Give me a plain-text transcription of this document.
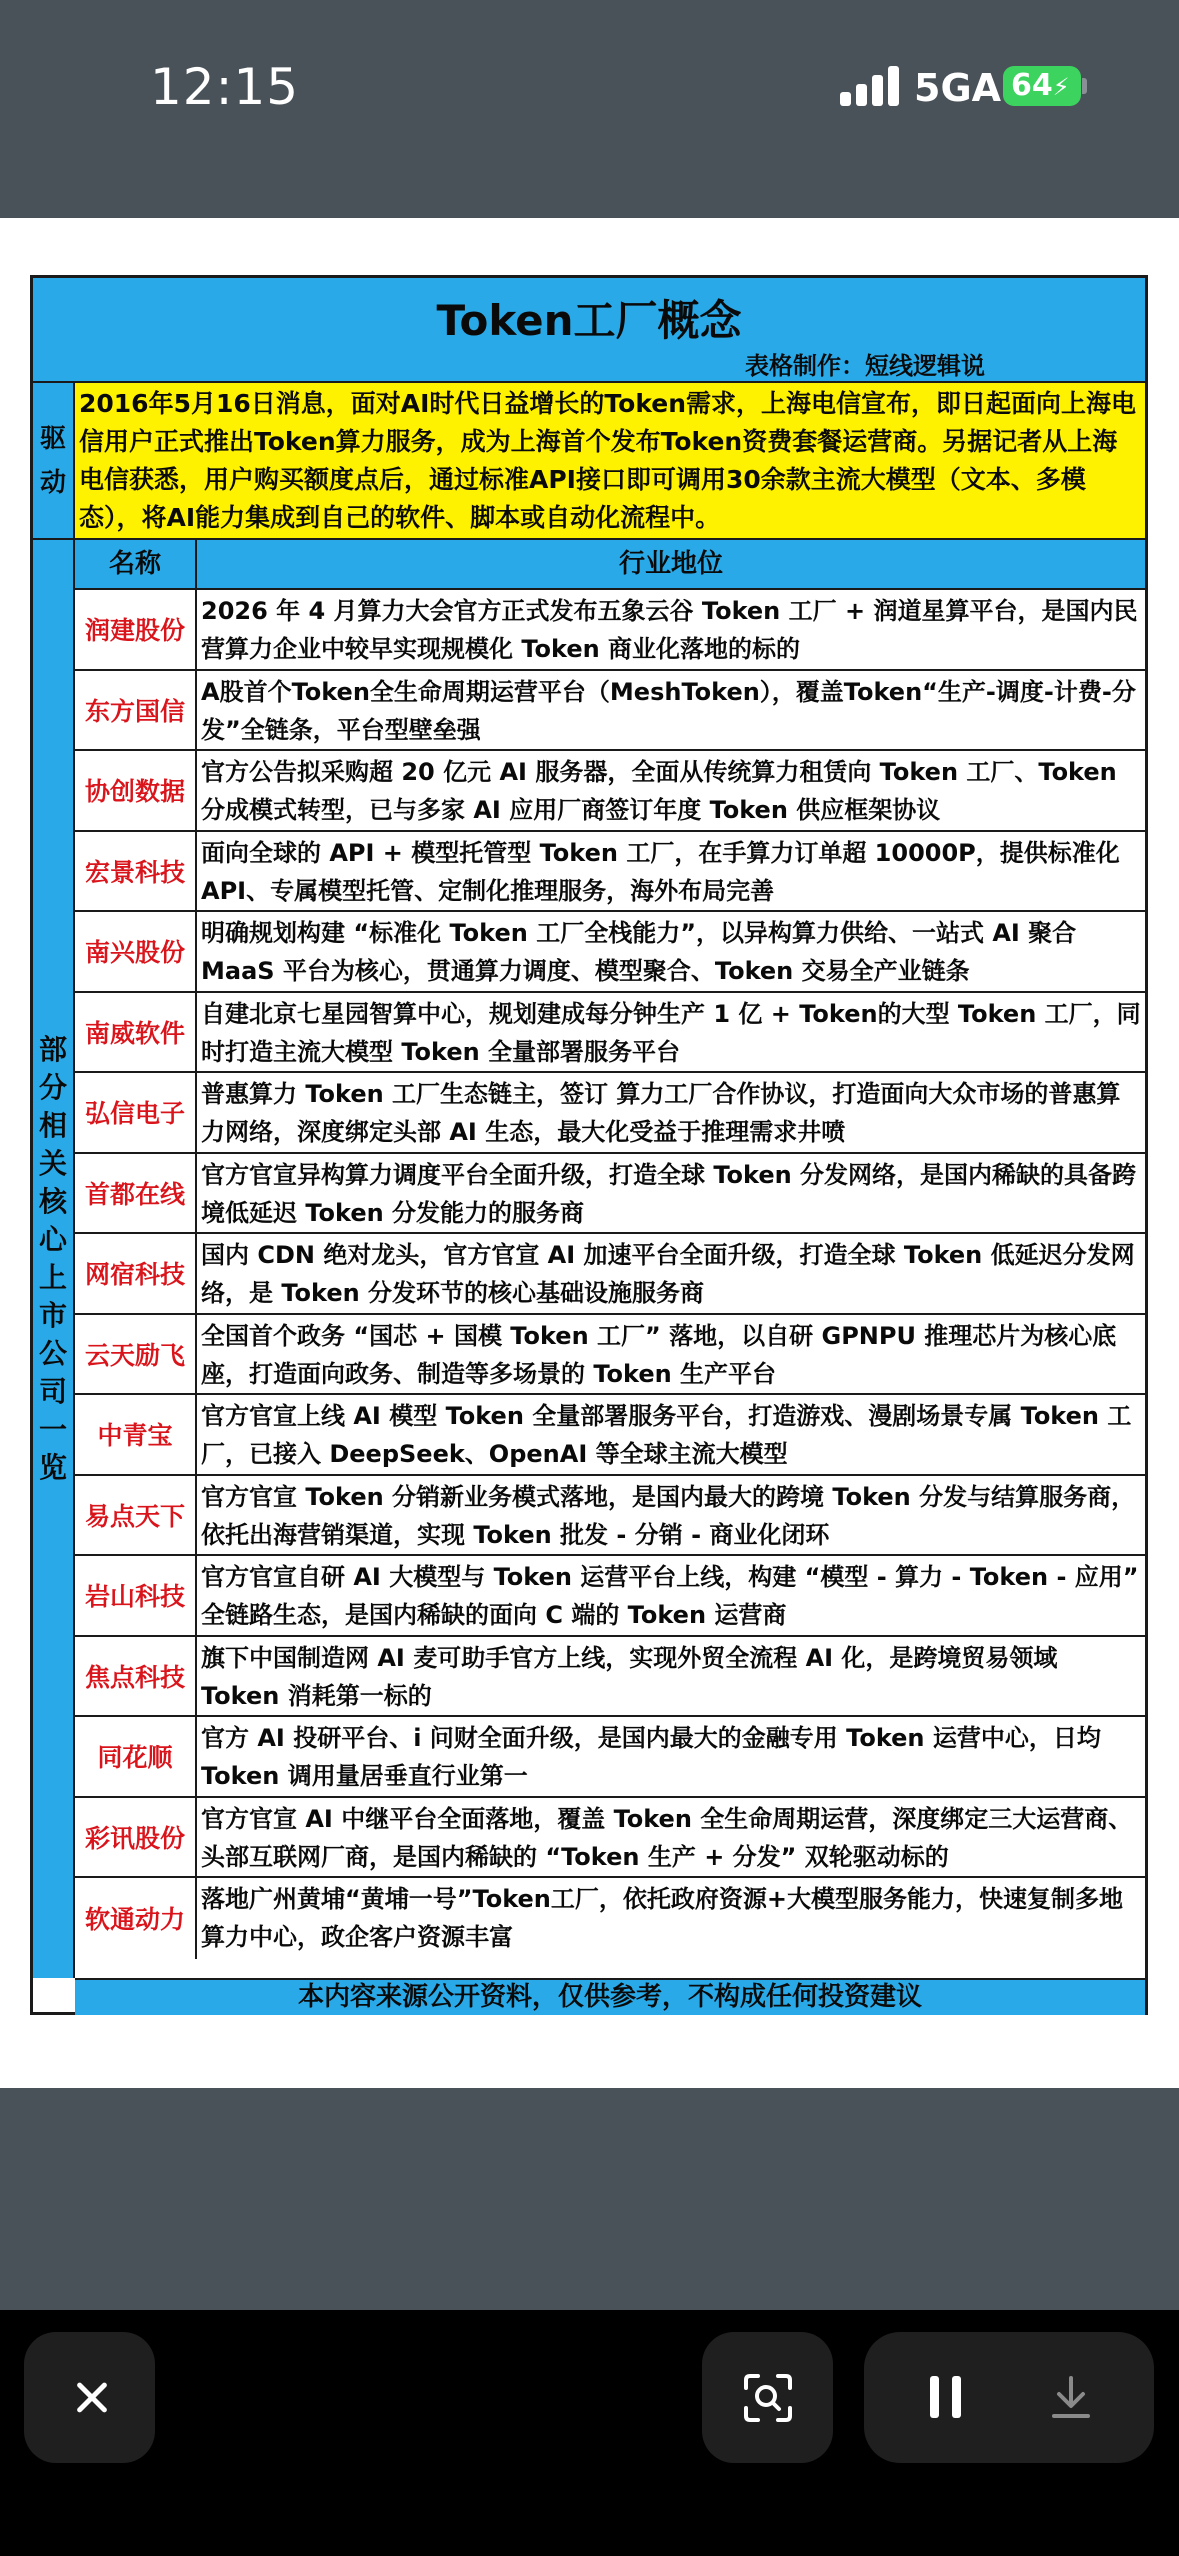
12:15	5GA 64⚡
Token工厂概念
表格制作：短线逻辑说
驱
动
2016年5月16日消息，面对AI时代日益增长的Token需求，上海电信宣布，即日起面向上海电信用户正式推出Token算力服务，成为上海首个发布Token资费套餐运营商。另据记者从上海电信获悉，用户购买额度点后，通过标准API接口即可调用30余款主流大模型（文本、多模态），将AI能力集成到自己的软件、脚本或自动化流程中。
部
分
相
关
核
心
上
市
公
司
一
览
名称	行业地位
润建股份
2026 年 4 月算力大会官方正式发布五象云谷 Token 工厂 + 润道星算平台，是国内民营算力企业中较早实现规模化 Token 商业化落地的标的
东方国信
A股首个Token全生命周期运营平台（MeshToken），覆盖Token“生产-调度-计费-分发”全链条，平台型壁垒强
协创数据
官方公告拟采购超 20 亿元 AI 服务器，全面从传统算力租赁向 Token 工厂、Token 分成模式转型，已与多家 AI 应用厂商签订年度 Token 供应框架协议
宏景科技
面向全球的 API + 模型托管型 Token 工厂，在手算力订单超 10000P，提供标准化 API、专属模型托管、定制化推理服务，海外布局完善
南兴股份
明确规划构建 “标准化 Token 工厂全栈能力”，以异构算力供给、一站式 AI 聚合 MaaS 平台为核心，贯通算力调度、模型聚合、Token 交易全产业链条
南威软件
自建北京七星园智算中心，规划建成每分钟生产 1 亿 + Token的大型 Token 工厂，同时打造主流大模型 Token 全量部署服务平台
弘信电子
普惠算力 Token 工厂生态链主，签订 算力工厂合作协议，打造面向大众市场的普惠算力网络，深度绑定头部 AI 生态，最大化受益于推理需求井喷
首都在线
官方官宣异构算力调度平台全面升级，打造全球 Token 分发网络，是国内稀缺的具备跨境低延迟 Token 分发能力的服务商
网宿科技
国内 CDN 绝对龙头，官方官宣 AI 加速平台全面升级，打造全球 Token 低延迟分发网络，是 Token 分发环节的核心基础设施服务商
云天励飞
全国首个政务 “国芯 + 国模 Token 工厂” 落地，以自研 GPNPU 推理芯片为核心底座，打造面向政务、制造等多场景的 Token 生产平台
中青宝
官方官宣上线 AI 模型 Token 全量部署服务平台，打造游戏、漫剧场景专属 Token 工厂，已接入 DeepSeek、OpenAI 等全球主流大模型
易点天下
官方官宣 Token 分销新业务模式落地，是国内最大的跨境 Token 分发与结算服务商，依托出海营销渠道，实现 Token 批发 - 分销 - 商业化闭环
岩山科技
官方官宣自研 AI 大模型与 Token 运营平台上线，构建 “模型 - 算力 - Token - 应用” 全链路生态，是国内稀缺的面向 C 端的 Token 运营商
焦点科技
旗下中国制造网 AI 麦可助手官方上线，实现外贸全流程 AI 化，是跨境贸易领域 Token 消耗第一标的
同花顺
官方 AI 投研平台、i 问财全面升级，是国内最大的金融专用 Token 运营中心，日均 Token 调用量居垂直行业第一
彩讯股份
官方官宣 AI 中继平台全面落地，覆盖 Token 全生命周期运营，深度绑定三大运营商、头部互联网厂商，是国内稀缺的 “Token 生产 + 分发” 双轮驱动标的
软通动力
落地广州黄埔“黄埔一号”Token工厂，依托政府资源+大模型服务能力，快速复制多地算力中心，政企客户资源丰富
本内容来源公开资料，仅供参考，不构成任何投资建议
